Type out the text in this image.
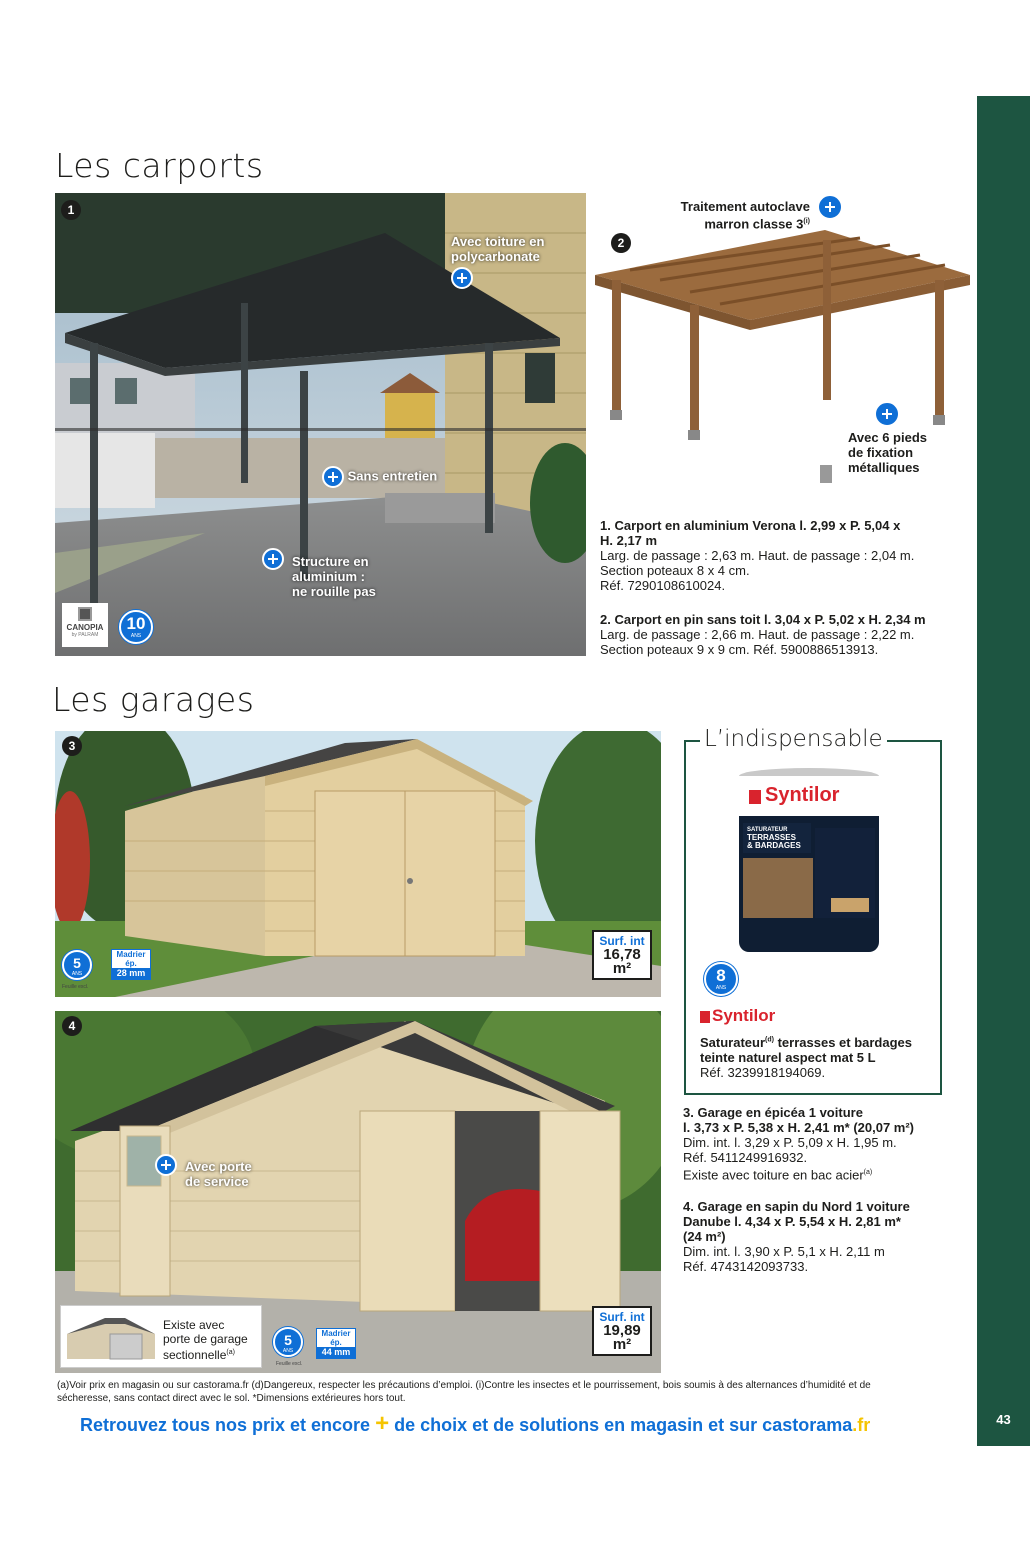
43
Les carports
1
Avec toiture en
polycarbonate
Sans entretien
Structure en
aluminium :
ne rouille pas
CANOPIA
by PALRAM
10
ANS
2
Traitement autoclave
marron classe 3$^{(i)}$

Avec 6 pieds
de fixation
métalliques
1. Carport en aluminium Verona l. 2,99 x P. 5,04 x
H. 2,17 m
Larg. de passage : 2,63 m. Haut. de passage : 2,04 m.
Section poteaux 8 x 4 cm.
Réf. 7290108610024.
2. Carport en pin sans toit l. 3,04 x P. 5,02 x H. 2,34 m
Larg. de passage : 2,66 m. Haut. de passage : 2,22 m.
Section poteaux 9 x 9 cm. Réf. 5900886513913.
Les garages
3
5
ANS
Feuille excl.
Madrier
ép.
28 mm
Surf. int
16,78
m²
4
Avec porte
de service
Existe avec
porte de garage
sectionnelle$^{(a)}$
5
ANS
Feuille excl.
Madrier
ép.
44 mm
Surf. int
19,89
m²
L’indispensable
Syntilor
SATURATEUR
TERRASSES
& BARDAGES
8
ANS
Syntilor
Saturateur$^{(d)}$ terrasses et bardages
teinte naturel aspect mat 5 L
Réf. 3239918194069.
3. Garage en épicéa 1 voiture
l. 3,73 x P. 5,38 x H. 2,41 m* (20,07 m²)
Dim. int. l. 3,29 x P. 5,09 x H. 1,95 m.
Réf. 5411249916932.
Existe avec toiture en bac acier$^{(a)}$
4. Garage en sapin du Nord 1 voiture
Danube l. 4,34 x P. 5,54 x H. 2,81 m*
(24 m²)
Dim. int. l. 3,90 x P. 5,1 x H. 2,11 m
Réf. 4743142093733.
(a)Voir prix en magasin ou sur castorama.fr (d)Dangereux, respecter les précautions d’emploi. (i)Contre les insectes et le pourrissement, bois soumis à des alternances d’humidité et de sécheresse, sans contact direct avec le sol. *Dimensions extérieures hors tout.
Retrouvez tous nos prix et encore + de choix et de solutions en magasin et sur castorama.fr
